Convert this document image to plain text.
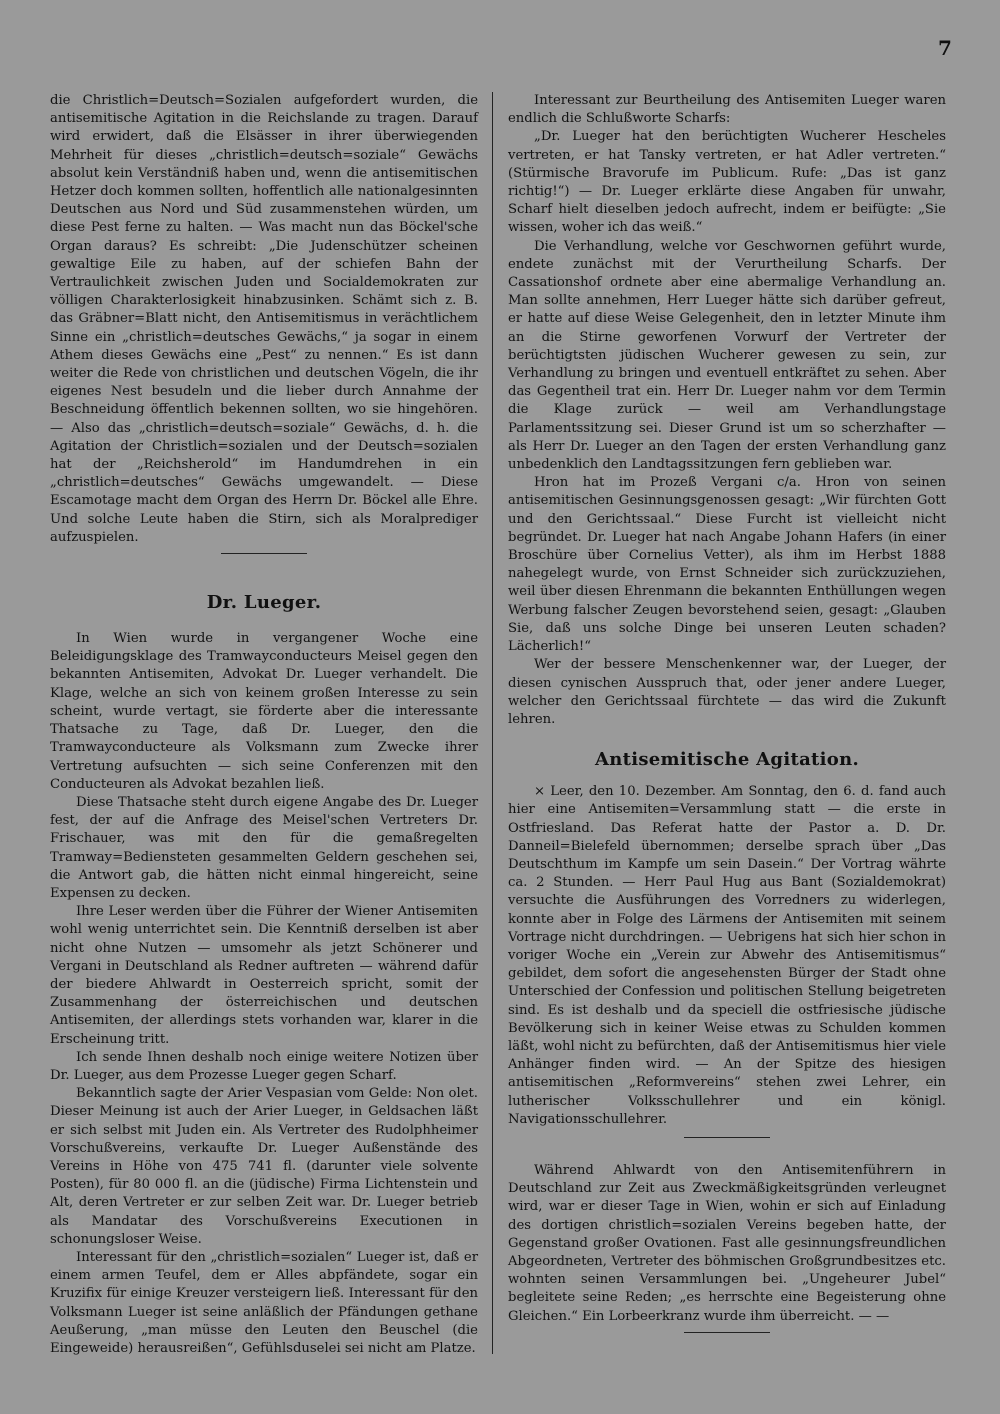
7

die Christlich=Deutsch=Sozialen aufgefordert wurden, die antisemitische Agitation in die Reichslande zu tragen. Darauf wird erwidert, daß die Elsässer in ihrer überwiegenden Mehrheit für dieses „christlich=deutsch=soziale“ Gewächs absolut kein Verständniß haben und, wenn die antisemitischen Hetzer doch kommen sollten, hoffentlich alle nationalgesinnten Deutschen aus Nord und Süd zusammenstehen würden, um diese Pest ferne zu halten. — Was macht nun das Böckel'sche Organ daraus? Es schreibt: „Die Judenschützer scheinen gewaltige Eile zu haben, auf der schiefen Bahn der Vertraulichkeit zwischen Juden und Socialdemokraten zur völligen Charakterlosigkeit hinabzusinken. Schämt sich z. B. das Gräbner=Blatt nicht, den Antisemitismus in verächtlichem Sinne ein „christlich=deutsches Gewächs,“ ja sogar in einem Athem dieses Gewächs eine „Pest“ zu nennen.“ Es ist dann weiter die Rede von christlichen und deutschen Vögeln, die ihr eigenes Nest besudeln und die lieber durch Annahme der Beschneidung öffentlich bekennen sollten, wo sie hingehören. — Also das „christlich=deutsch=soziale“ Gewächs, d. h. die Agitation der Christlich=sozialen und der Deutsch=sozialen hat der „Reichsherold“ im Handumdrehen in ein „christlich=deutsches“ Gewächs umgewandelt. — Diese Escamotage macht dem Organ des Herrn Dr. Böckel alle Ehre. Und solche Leute haben die Stirn, sich als Moralprediger aufzuspielen.

Dr. Lueger.

In Wien wurde in vergangener Woche eine Beleidigungsklage des Tramwayconducteurs Meisel gegen den bekannten Antisemiten, Advokat Dr. Lueger verhandelt. Die Klage, welche an sich von keinem großen Interesse zu sein scheint, wurde vertagt, sie förderte aber die interessante Thatsache zu Tage, daß Dr. Lueger, den die Tramwayconducteure als Volksmann zum Zwecke ihrer Vertretung aufsuchten — sich seine Conferenzen mit den Conducteuren als Advokat bezahlen ließ.

Diese Thatsache steht durch eigene Angabe des Dr. Lueger fest, der auf die Anfrage des Meisel'schen Vertreters Dr. Frischauer, was mit den für die gemaßregelten Tramway=Bediensteten gesammelten Geldern geschehen sei, die Antwort gab, die hätten nicht einmal hingereicht, seine Expensen zu decken.

Ihre Leser werden über die Führer der Wiener Antisemiten wohl wenig unterrichtet sein. Die Kenntniß derselben ist aber nicht ohne Nutzen — umsomehr als jetzt Schönerer und Vergani in Deutschland als Redner auftreten — während dafür der biedere Ahlwardt in Oesterreich spricht, somit der Zusammenhang der österreichischen und deutschen Antisemiten, der allerdings stets vorhanden war, klarer in die Erscheinung tritt.

Ich sende Ihnen deshalb noch einige weitere Notizen über Dr. Lueger, aus dem Prozesse Lueger gegen Scharf.

Bekanntlich sagte der Arier Vespasian vom Gelde: Non olet. Dieser Meinung ist auch der Arier Lueger, in Geldsachen läßt er sich selbst mit Juden ein. Als Vertreter des Rudolphheimer Vorschußvereins, verkaufte Dr. Lueger Außenstände des Vereins in Höhe von 475 741 fl. (darunter viele solvente Posten), für 80 000 fl. an die (jüdische) Firma Lichtenstein und Alt, deren Vertreter er zur selben Zeit war. Dr. Lueger betrieb als Mandatar des Vorschußvereins Executionen in schonungsloser Weise.

Interessant für den „christlich=sozialen“ Lueger ist, daß er einem armen Teufel, dem er Alles abpfändete, sogar ein Kruzifix für einige Kreuzer versteigern ließ. Interessant für den Volksmann Lueger ist seine anläßlich der Pfändungen gethane Aeußerung, „man müsse den Leuten den Beuschel (die Eingeweide) herausreißen“, Gefühlsduselei sei nicht am Platze.

Interessant zur Beurtheilung des Antisemiten Lueger waren endlich die Schlußworte Scharfs:

„Dr. Lueger hat den berüchtigten Wucherer Hescheles vertreten, er hat Tansky vertreten, er hat Adler vertreten.“ (Stürmische Bravorufe im Publicum. Rufe: „Das ist ganz richtig!“) — Dr. Lueger erklärte diese Angaben für unwahr, Scharf hielt dieselben jedoch aufrecht, indem er beifügte: „Sie wissen, woher ich das weiß.“

Die Verhandlung, welche vor Geschwornen geführt wurde, endete zunächst mit der Verurtheilung Scharfs. Der Cassationshof ordnete aber eine abermalige Verhandlung an. Man sollte annehmen, Herr Lueger hätte sich darüber gefreut, er hatte auf diese Weise Gelegenheit, den in letzter Minute ihm an die Stirne geworfenen Vorwurf der Vertreter der berüchtigtsten jüdischen Wucherer gewesen zu sein, zur Verhandlung zu bringen und eventuell entkräftet zu sehen. Aber das Gegentheil trat ein. Herr Dr. Lueger nahm vor dem Termin die Klage zurück — weil am Verhandlungstage Parlamentssitzung sei. Dieser Grund ist um so scherzhafter — als Herr Dr. Lueger an den Tagen der ersten Verhandlung ganz unbedenklich den Landtagssitzungen fern geblieben war.

Hron hat im Prozeß Vergani c/a. Hron von seinen antisemitischen Gesinnungsgenossen gesagt: „Wir fürchten Gott und den Gerichtssaal.“ Diese Furcht ist vielleicht nicht begründet. Dr. Lueger hat nach Angabe Johann Hafers (in einer Broschüre über Cornelius Vetter), als ihm im Herbst 1888 nahegelegt wurde, von Ernst Schneider sich zurückzuziehen, weil über diesen Ehrenmann die bekannten Enthüllungen wegen Werbung falscher Zeugen bevorstehend seien, gesagt: „Glauben Sie, daß uns solche Dinge bei unseren Leuten schaden? Lächerlich!“

Wer der bessere Menschenkenner war, der Lueger, der diesen cynischen Ausspruch that, oder jener andere Lueger, welcher den Gerichtssaal fürchtete — das wird die Zukunft lehren.

Antisemitische Agitation.

× Leer, den 10. Dezember. Am Sonntag, den 6. d. fand auch hier eine Antisemiten=Versammlung statt — die erste in Ostfriesland. Das Referat hatte der Pastor a. D. Dr. Danneil=Bielefeld übernommen; derselbe sprach über „Das Deutschthum im Kampfe um sein Dasein.“ Der Vortrag währte ca. 2 Stunden. — Herr Paul Hug aus Bant (Sozialdemokrat) versuchte die Ausführungen des Vorredners zu widerlegen, konnte aber in Folge des Lärmens der Antisemiten mit seinem Vortrage nicht durchdringen. — Uebrigens hat sich hier schon in voriger Woche ein „Verein zur Abwehr des Antisemitismus“ gebildet, dem sofort die angesehensten Bürger der Stadt ohne Unterschied der Confession und politischen Stellung beigetreten sind. Es ist deshalb und da speciell die ostfriesische jüdische Bevölkerung sich in keiner Weise etwas zu Schulden kommen läßt, wohl nicht zu befürchten, daß der Antisemitismus hier viele Anhänger finden wird. — An der Spitze des hiesigen antisemitischen „Reformvereins“ stehen zwei Lehrer, ein lutherischer Volksschullehrer und ein königl. Navigationsschullehrer.

Während Ahlwardt von den Antisemitenführern in Deutschland zur Zeit aus Zweckmäßigkeitsgründen verleugnet wird, war er dieser Tage in Wien, wohin er sich auf Einladung des dortigen christlich=sozialen Vereins begeben hatte, der Gegenstand großer Ovationen. Fast alle gesinnungsfreundlichen Abgeordneten, Vertreter des böhmischen Großgrundbesitzes etc. wohnten seinen Versammlungen bei. „Ungeheurer Jubel“ begleitete seine Reden; „es herrschte eine Begeisterung ohne Gleichen.“ Ein Lorbeerkranz wurde ihm überreicht. — —
